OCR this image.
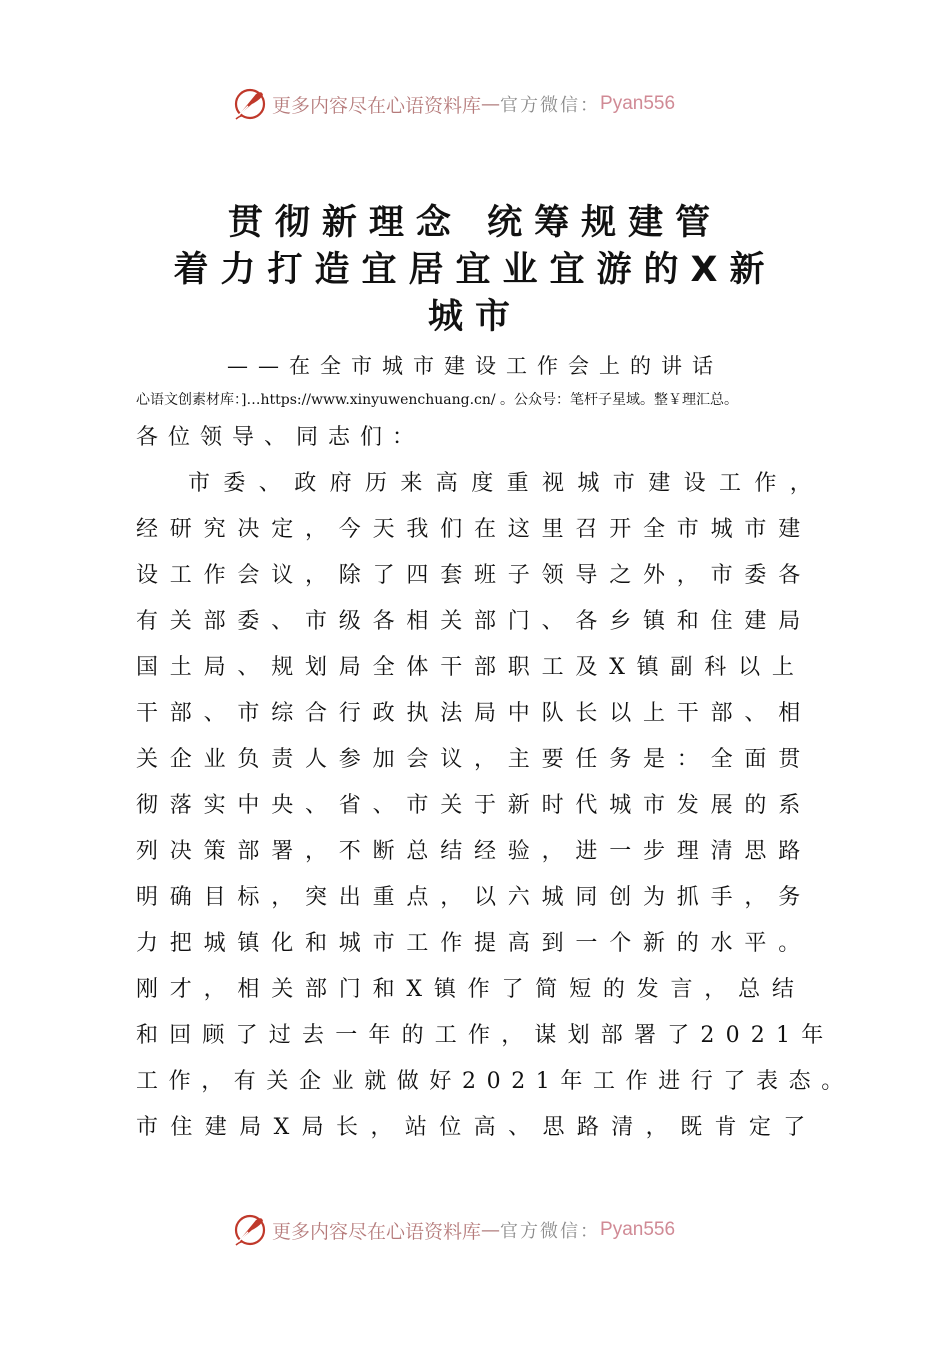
更多内容尽在心语资料库 — 官方微信： Pyan556
贯彻新理念 统筹规建管
着力打造宜居宜业宜游的X新
城市
——在全市城市建设工作会上的讲话
心语文创素材库：]…https://www.xinyuwenchuang.cn/ 。公众号：笔杆子星域。整￥理汇总。
各位领导、同志们：
市委、政府历来高度重视城市建设工作，
经研究决定，今天我们在这里召开全市城市建
设工作会议，除了四套班子领导之外，市委各
有关部委、市级各相关部门、各乡镇和住建局
国土局、规划局全体干部职工及X镇副科以上
干部、市综合行政执法局中队长以上干部、相
关企业负责人参加会议，主要任务是：全面贯
彻落实中央、省、市关于新时代城市发展的系
列决策部署，不断总结经验，进一步理清思路
明确目标，突出重点，以六城同创为抓手，务
力把城镇化和城市工作提高到一个新的水平。
刚才，相关部门和X镇作了简短的发言，总结
和回顾了过去一年的工作，谋划部署了2021年
工作，有关企业就做好2021年工作进行了表态。
市住建局X局长，站位高、思路清，既肯定了
更多内容尽在心语资料库 — 官方微信： Pyan556
